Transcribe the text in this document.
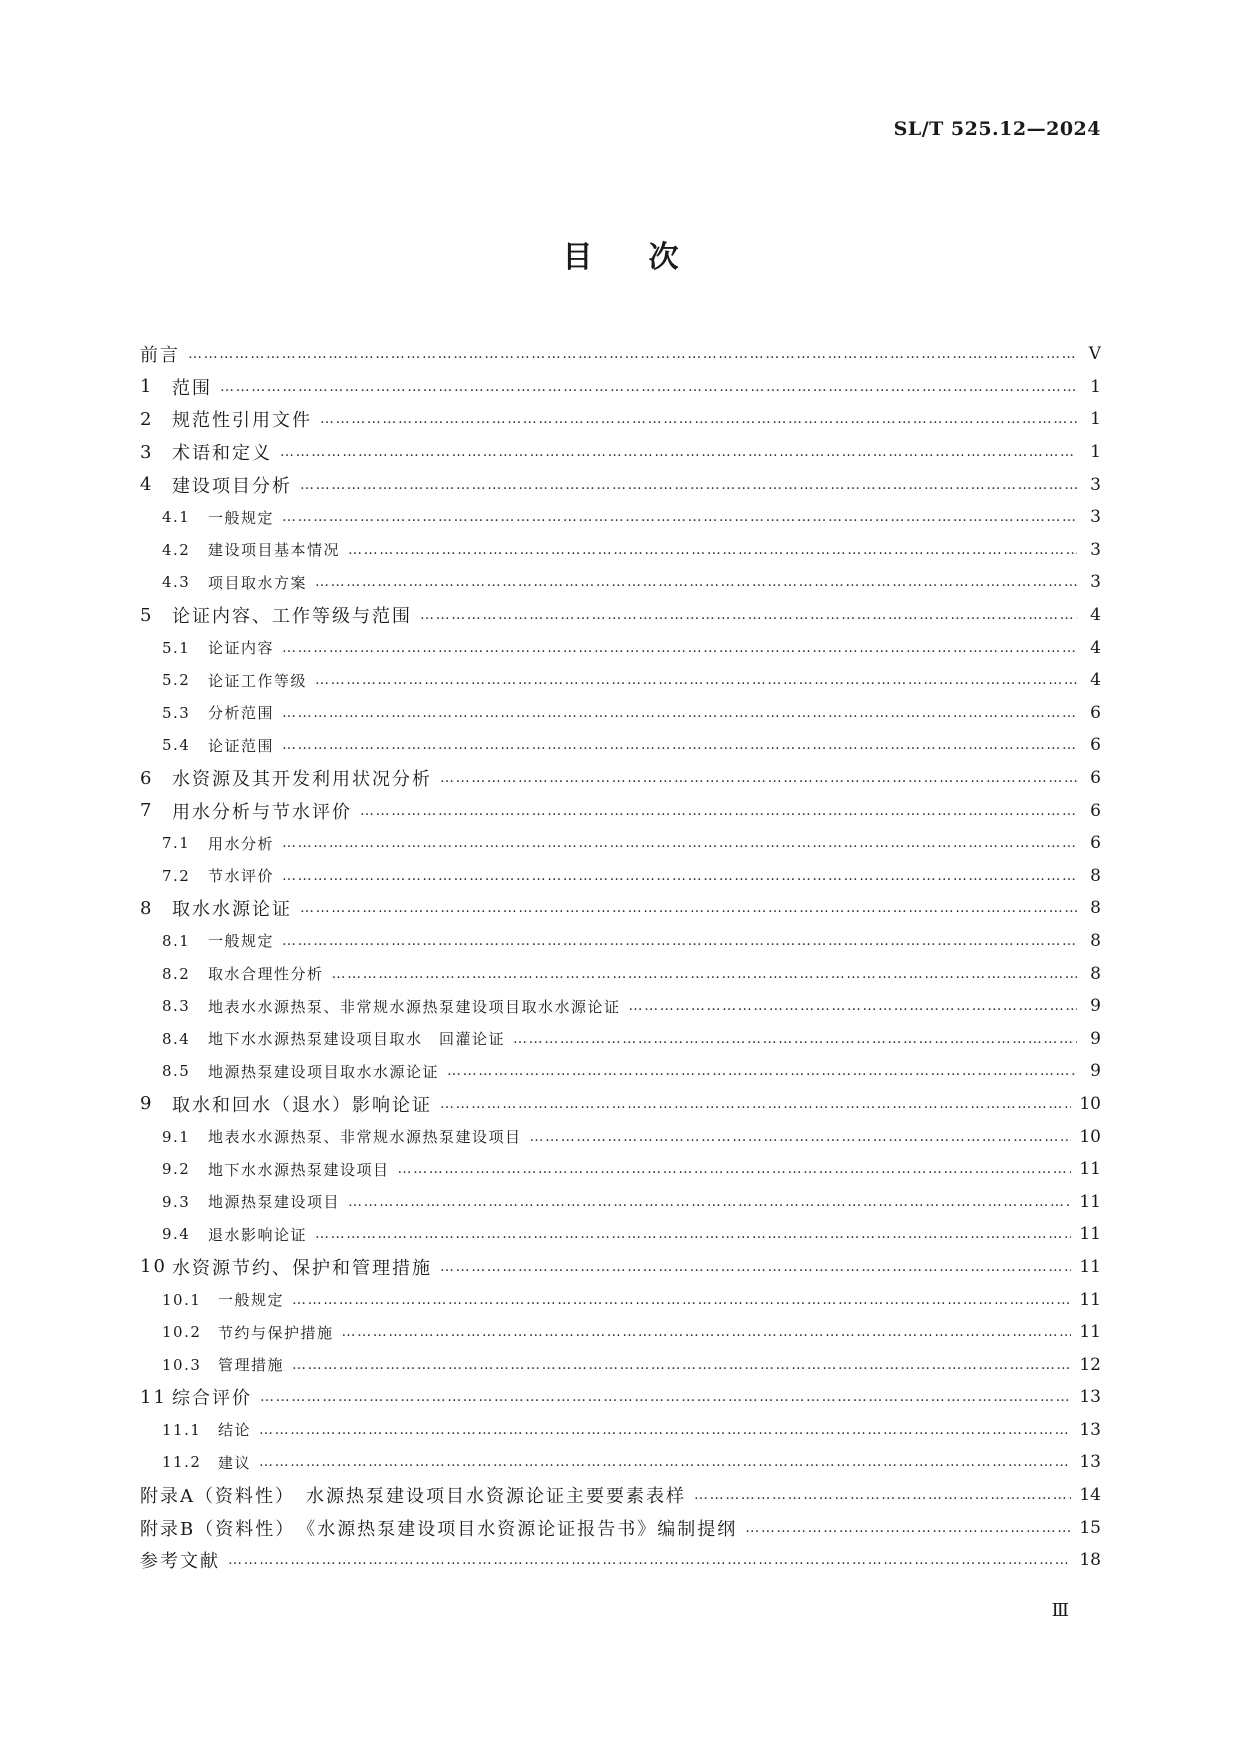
SL/T 525.12—2024
目次
前言 …………………………………………………………………………………………………………………………………………………………………………………………	Ⅴ
1	范围 …………………………………………………………………………………………………………………………………………………………………………………………	1
2	规范性引用文件 …………………………………………………………………………………………………………………………………………………………………………………………	1
3	术语和定义 …………………………………………………………………………………………………………………………………………………………………………………………	1
4	建设项目分析 …………………………………………………………………………………………………………………………………………………………………………………………	3
4.1	一般规定 …………………………………………………………………………………………………………………………………………………………………………………………	3
4.2	建设项目基本情况 …………………………………………………………………………………………………………………………………………………………………………………………	3
4.3	项目取水方案 …………………………………………………………………………………………………………………………………………………………………………………………	3
5	论证内容、工作等级与范围 …………………………………………………………………………………………………………………………………………………………………………………………	4
5.1	论证内容 …………………………………………………………………………………………………………………………………………………………………………………………	4
5.2	论证工作等级 …………………………………………………………………………………………………………………………………………………………………………………………	4
5.3	分析范围 …………………………………………………………………………………………………………………………………………………………………………………………	6
5.4	论证范围 …………………………………………………………………………………………………………………………………………………………………………………………	6
6	水资源及其开发利用状况分析 …………………………………………………………………………………………………………………………………………………………………………………………	6
7	用水分析与节水评价 …………………………………………………………………………………………………………………………………………………………………………………………	6
7.1	用水分析 …………………………………………………………………………………………………………………………………………………………………………………………	6
7.2	节水评价 …………………………………………………………………………………………………………………………………………………………………………………………	8
8	取水水源论证 …………………………………………………………………………………………………………………………………………………………………………………………	8
8.1	一般规定 …………………………………………………………………………………………………………………………………………………………………………………………	8
8.2	取水合理性分析 …………………………………………………………………………………………………………………………………………………………………………………………	8
8.3	地表水水源热泵、非常规水源热泵建设项目取水水源论证 …………………………………………………………………………………………………………………………………………………………………………………………	9
8.4	地下水水源热泵建设项目取水　回灌论证 …………………………………………………………………………………………………………………………………………………………………………………………	9
8.5	地源热泵建设项目取水水源论证 …………………………………………………………………………………………………………………………………………………………………………………………	9
9	取水和回水（退水）影响论证 …………………………………………………………………………………………………………………………………………………………………………………………	10
9.1	地表水水源热泵、非常规水源热泵建设项目 …………………………………………………………………………………………………………………………………………………………………………………………	10
9.2	地下水水源热泵建设项目 …………………………………………………………………………………………………………………………………………………………………………………………	11
9.3	地源热泵建设项目 …………………………………………………………………………………………………………………………………………………………………………………………	11
9.4	退水影响论证 …………………………………………………………………………………………………………………………………………………………………………………………	11
10 水资源节约、保护和管理措施 …………………………………………………………………………………………………………………………………………………………………………………………	11
10.1	一般规定 …………………………………………………………………………………………………………………………………………………………………………………………	11
10.2	节约与保护措施 …………………………………………………………………………………………………………………………………………………………………………………………	11
10.3	管理措施 …………………………………………………………………………………………………………………………………………………………………………………………	12
11 综合评价 …………………………………………………………………………………………………………………………………………………………………………………………	13
11.1	结论 …………………………………………………………………………………………………………………………………………………………………………………………	13
11.2	建议 …………………………………………………………………………………………………………………………………………………………………………………………	13
附录A（资料性）　水源热泵建设项目水资源论证主要要素表样 …………………………………………………………………………………………………………………………………………………………………………………………	14
附录B（资料性）　《水源热泵建设项目水资源论证报告书》编制提纲 …………………………………………………………………………………………………………………………………………………………………………………………	15
参考文献 …………………………………………………………………………………………………………………………………………………………………………………………	18
Ⅲ
